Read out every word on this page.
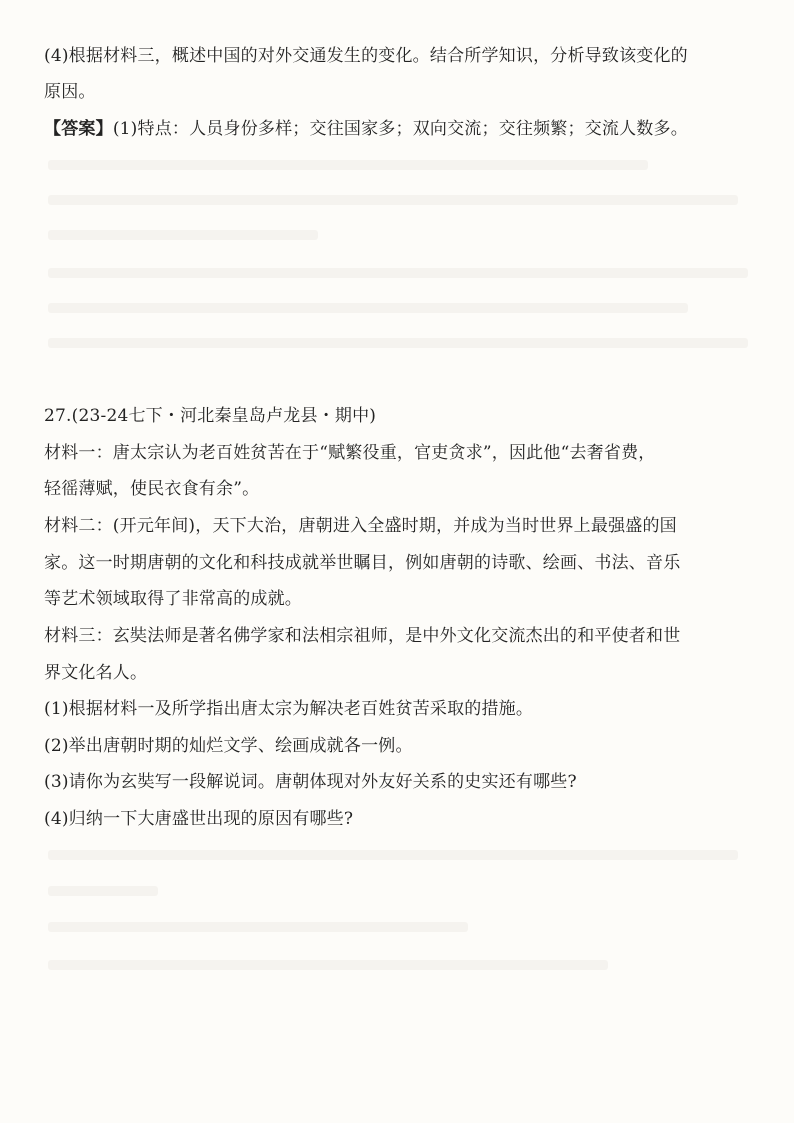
(4)根据材料三，概述中国的对外交通发生的变化。结合所学知识，分析导致该变化的
原因。
【答案】(1)特点：人员身份多样；交往国家多；双向交流；交往频繁；交流人数多。
27.(23-24七下・河北秦皇岛卢龙县・期中)
材料一：唐太宗认为老百姓贫苦在于“赋繁役重，官吏贪求”，因此他“去奢省费，
轻徭薄赋，使民衣食有余”。
材料二：(开元年间)，天下大治，唐朝进入全盛时期，并成为当时世界上最强盛的国
家。这一时期唐朝的文化和科技成就举世瞩目，例如唐朝的诗歌、绘画、书法、音乐
等艺术领域取得了非常高的成就。
材料三：玄奘法师是著名佛学家和法相宗祖师，是中外文化交流杰出的和平使者和世
界文化名人。
(1)根据材料一及所学指出唐太宗为解决老百姓贫苦采取的措施。
(2)举出唐朝时期的灿烂文学、绘画成就各一例。
(3)请你为玄奘写一段解说词。唐朝体现对外友好关系的史实还有哪些?
(4)归纳一下大唐盛世出现的原因有哪些?
